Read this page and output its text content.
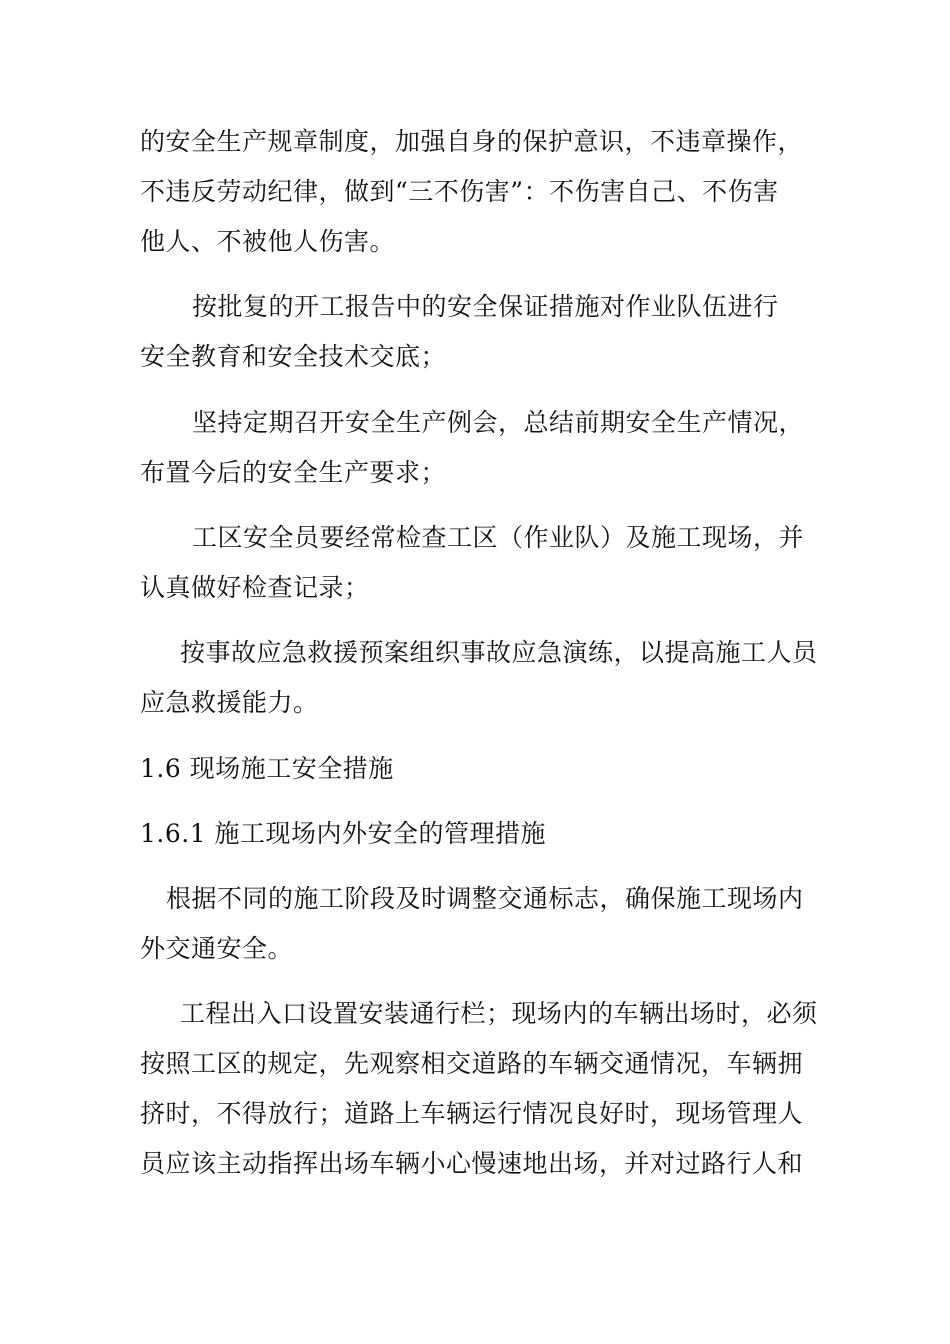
的安全生产规章制度，加强自身的保护意识，不违章操作，
不违反劳动纪律，做到“三不伤害”：不伤害自己、不伤害
他人、不被他人伤害。
按批复的开工报告中的安全保证措施对作业队伍进行
安全教育和安全技术交底；
坚持定期召开安全生产例会，总结前期安全生产情况，
布置今后的安全生产要求；
工区安全员要经常检查工区（作业队）及施工现场，并
认真做好检查记录；
按事故应急救援预案组织事故应急演练，以提高施工人员
应急救援能力。
1.6 现场施工安全措施
1.6.1 施工现场内外安全的管理措施
根据不同的施工阶段及时调整交通标志，确保施工现场内
外交通安全。
工程出入口设置安装通行栏；现场内的车辆出场时，必须
按照工区的规定，先观察相交道路的车辆交通情况，车辆拥
挤时，不得放行；道路上车辆运行情况良好时，现场管理人
员应该主动指挥出场车辆小心慢速地出场，并对过路行人和
